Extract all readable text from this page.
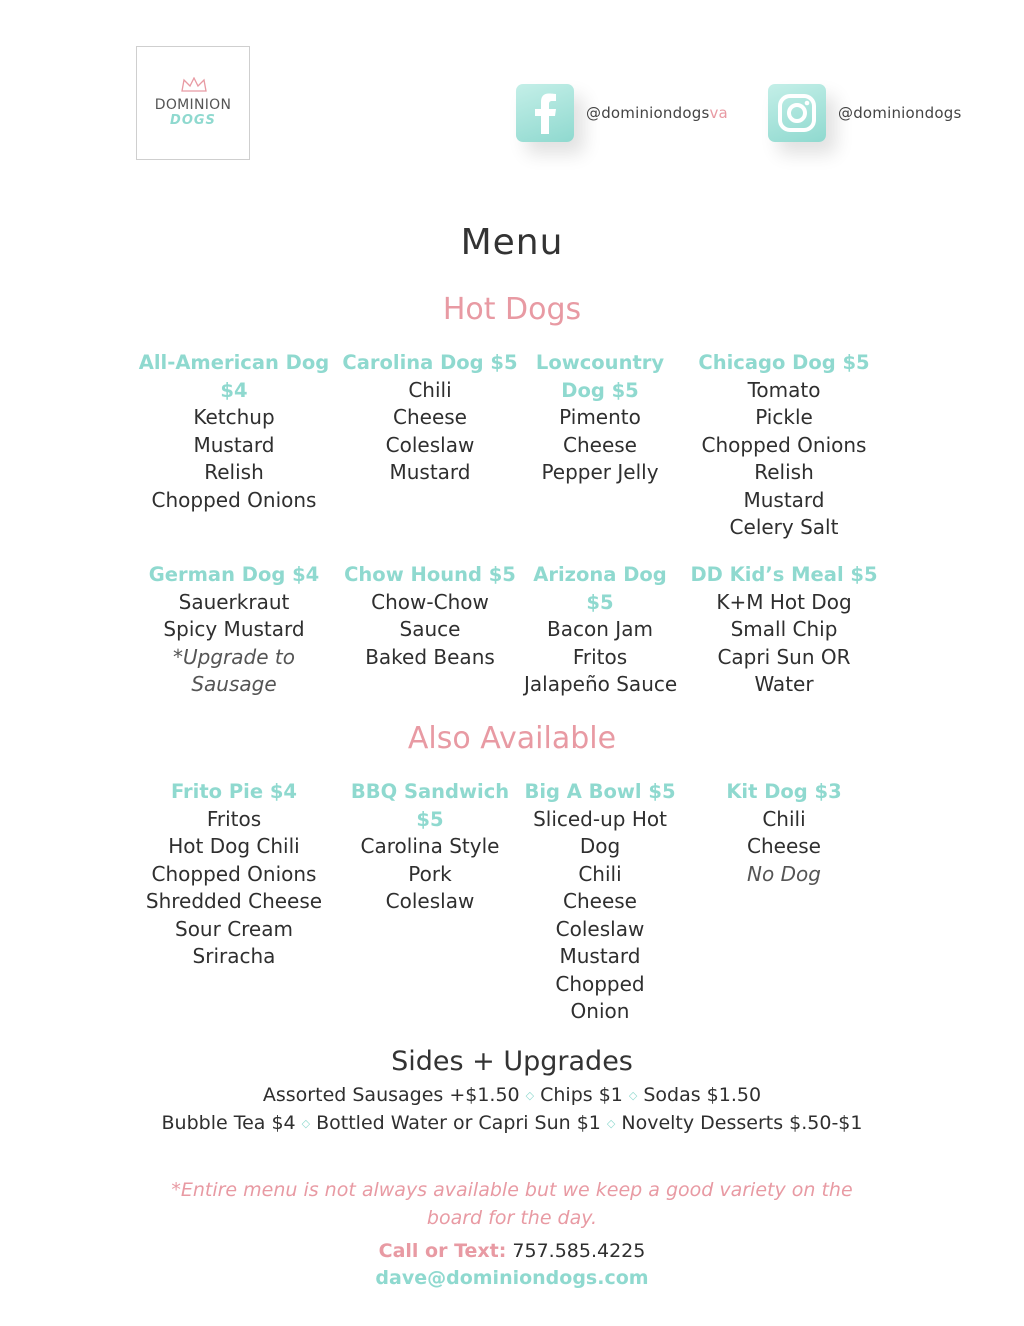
DOMINION
DOGS	@dominiondogsva	@dominiondogs
Menu
Hot Dogs
All-American Dog $4
Ketchup
Mustard
Relish
Chopped Onions
Carolina Dog $5
Chili
Cheese
Coleslaw
Mustard
Lowcountry Dog $5
Pimento
Cheese
Pepper Jelly
Chicago Dog $5
Tomato
Pickle
Chopped Onions
Relish
Mustard
Celery Salt
German Dog $4
Sauerkraut
Spicy Mustard
*Upgrade to Sausage
Chow Hound $5
Chow-Chow
Sauce
Baked Beans
Arizona Dog $5
Bacon Jam
Fritos
Jalapeño Sauce
DD Kid’s Meal $5
K+M Hot Dog
Small Chip
Capri Sun OR
Water
Also Available
Frito Pie $4
Fritos
Hot Dog Chili
Chopped Onions
Shredded Cheese
Sour Cream
Sriracha
BBQ Sandwich $5
Carolina Style
Pork
Coleslaw
Big A Bowl $5
Sliced-up Hot
Dog
Chili
Cheese
Coleslaw
Mustard
Chopped
Onion
Kit Dog $3
Chili
Cheese
No Dog
Sides + Upgrades
Assorted Sausages +$1.50 ◇ Chips $1 ◇ Sodas $1.50
Bubble Tea $4 ◇ Bottled Water or Capri Sun $1 ◇ Novelty Desserts $.50-$1
*Entire menu is not always available but we keep a good variety on the board for the day.
Call or Text: 757.585.4225
dave@dominiondogs.com
